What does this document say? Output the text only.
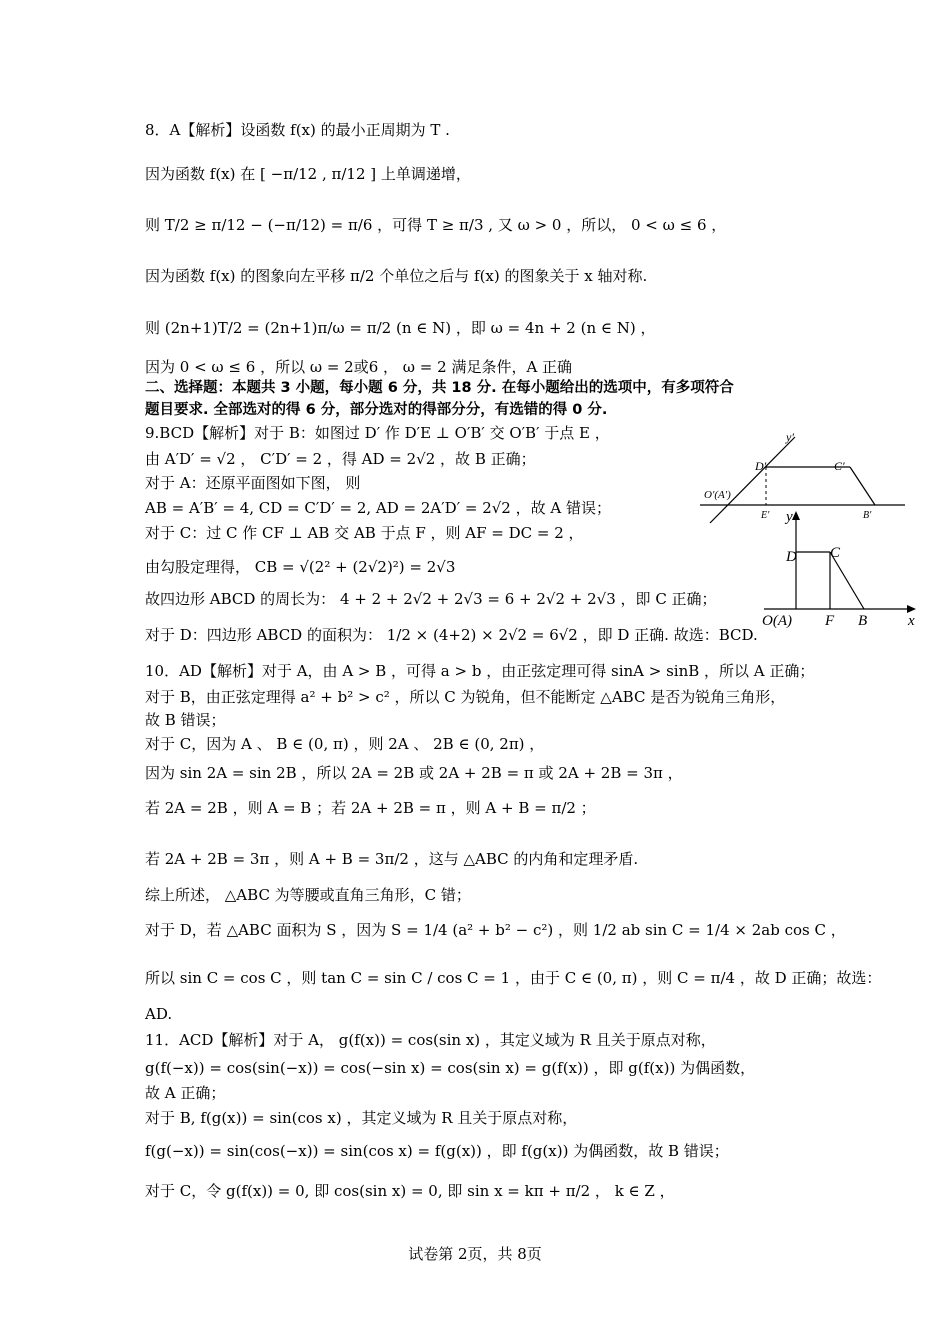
8．A【解析】设函数 f(x) 的最小正周期为 T .
因为函数 f(x) 在 [ −π/12 , π/12 ] 上单调递增，
则 T/2 ≥ π/12 − (−π/12) = π/6 ，可得 T ≥ π/3 , 又 ω > 0 ，所以， 0 < ω ≤ 6 ，
因为函数 f(x) 的图象向左平移 π/2 个单位之后与 f(x) 的图象关于 x 轴对称.
则 (2n+1)T/2 = (2n+1)π/ω = π/2 (n ∈ N) ，即 ω = 4n + 2 (n ∈ N) ，
因为 0 < ω ≤ 6 ，所以 ω = 2或6 ， ω = 2 满足条件，A 正确
二、选择题：本题共 3 小题，每小题 6 分，共 18 分. 在每小题给出的选项中，有多项符合
题目要求. 全部选对的得 6 分，部分选对的得部分分，有选错的得 0 分.
9.BCD【解析】对于 B：如图过 D′ 作 D′E ⊥ O′B′ 交 O′B′ 于点 E ，
由 A′D′ = √2 ， C′D′ = 2 ，得 AD = 2√2 ，故 B 正确；
对于 A：还原平面图如下图， 则
AB = A′B′ = 4, CD = C′D′ = 2, AD = 2A′D′ = 2√2 ，故 A 错误；
对于 C：过 C 作 CF ⊥ AB 交 AB 于点 F ，则 AF = DC = 2 ，
由勾股定理得， CB = √(2² + (2√2)²) = 2√3
故四边形 ABCD 的周长为： 4 + 2 + 2√2 + 2√3 = 6 + 2√2 + 2√3 ，即 C 正确；
对于 D：四边形 ABCD 的面积为： 1/2 × (4+2) × 2√2 = 6√2 ，即 D 正确. 故选：BCD.
10．AD【解析】对于 A，由 A > B ，可得 a > b ，由正弦定理可得 sinA > sinB ，所以 A 正确；
对于 B，由正弦定理得 a² + b² > c² ，所以 C 为锐角，但不能断定 △ABC 是否为锐角三角形，
故 B 错误；
对于 C，因为 A 、 B ∈ (0, π) ，则 2A 、 2B ∈ (0, 2π) ，
因为 sin 2A = sin 2B ，所以 2A = 2B 或 2A + 2B = π 或 2A + 2B = 3π ，
若 2A = 2B ，则 A = B ；若 2A + 2B = π ，则 A + B = π/2 ；
若 2A + 2B = 3π ，则 A + B = 3π/2 ，这与 △ABC 的内角和定理矛盾.
综上所述， △ABC 为等腰或直角三角形，C 错；
对于 D，若 △ABC 面积为 S ，因为 S = 1/4 (a² + b² − c²) ，则 1/2 ab sin C = 1/4 × 2ab cos C ，
所以 sin C = cos C ，则 tan C = sin C / cos C = 1 ，由于 C ∈ (0, π) ，则 C = π/4 ，故 D 正确；故选：
AD.
11．ACD【解析】对于 A， g(f(x)) = cos(sin x) ，其定义域为 R 且关于原点对称，
g(f(−x)) = cos(sin(−x)) = cos(−sin x) = cos(sin x) = g(f(x)) ，即 g(f(x)) 为偶函数，
故 A 正确；
对于 B, f(g(x)) = sin(cos x) ，其定义域为 R 且关于原点对称，
f(g(−x)) = sin(cos(−x)) = sin(cos x) = f(g(x)) ，即 f(g(x)) 为偶函数，故 B 错误；
对于 C，令 g(f(x)) = 0, 即 cos(sin x) = 0, 即 sin x = kπ + π/2 ， k ∈ Z ，
y′
D′	C′
O′(A′)
E′	B′
y
D C
O(A) F B	x
试卷第 2页，共 8页
